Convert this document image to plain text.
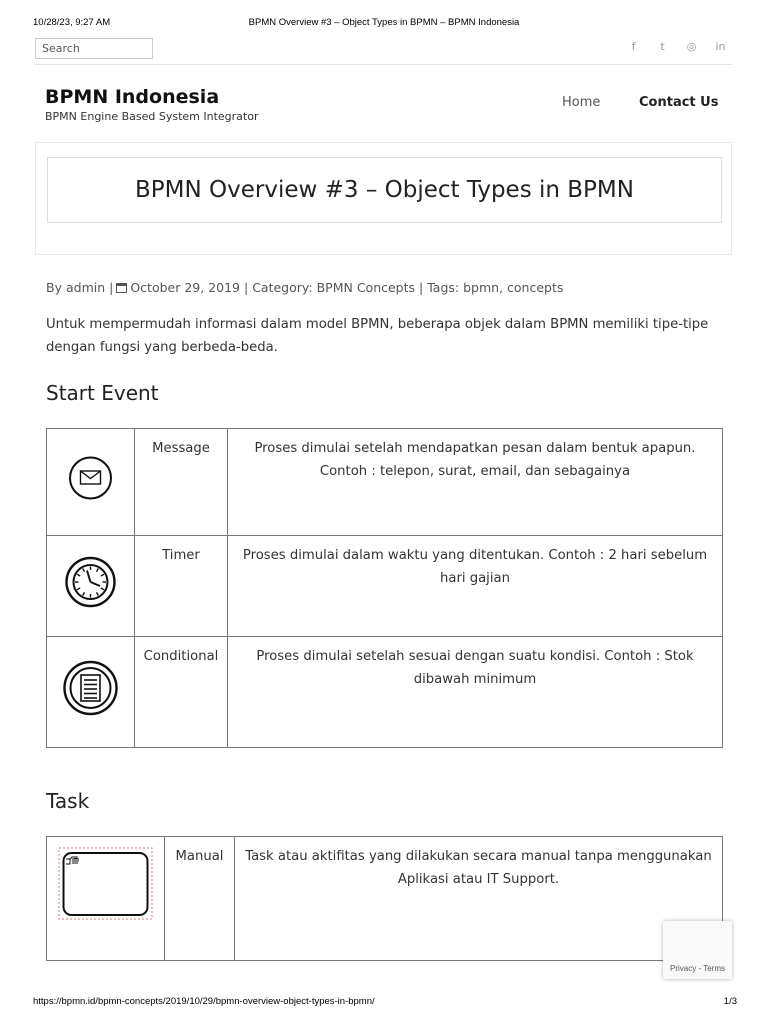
10/28/23, 9:27 AM	BPMN Overview #3 – Object Types in BPMN – BPMN Indonesia
Search
f	t	◎ in
BPMN Indonesia
BPMN Engine Based System Integrator
Home	Contact Us
BPMN Overview #3 – Object Types in BPMN
By admin | October 29, 2019 | Category: BPMN Concepts | Tags: bpmn, concepts

Untuk mempermudah informasi dalam model BPMN, beberapa objek dalam BPMN memiliki tipe-tipe dengan fungsi yang berbeda-beda.

Start Event
	Message	Proses dimulai setelah mendapatkan pesan dalam bentuk apapun. Contoh : telepon, surat, email, dan sebagainya
	Timer	Proses dimulai dalam waktu yang ditentukan. Contoh : 2 hari sebelum hari gajian
	Conditional	Proses dimulai setelah sesuai dengan suatu kondisi. Contoh : Stok dibawah minimum
Task
	Manual	Task atau aktifitas yang dilakukan secara manual tanpa menggunakan Aplikasi atau IT Support.
Privacy - Terms
https://bpmn.id/bpmn-concepts/2019/10/29/bpmn-overview-object-types-in-bpmn/	1/3
